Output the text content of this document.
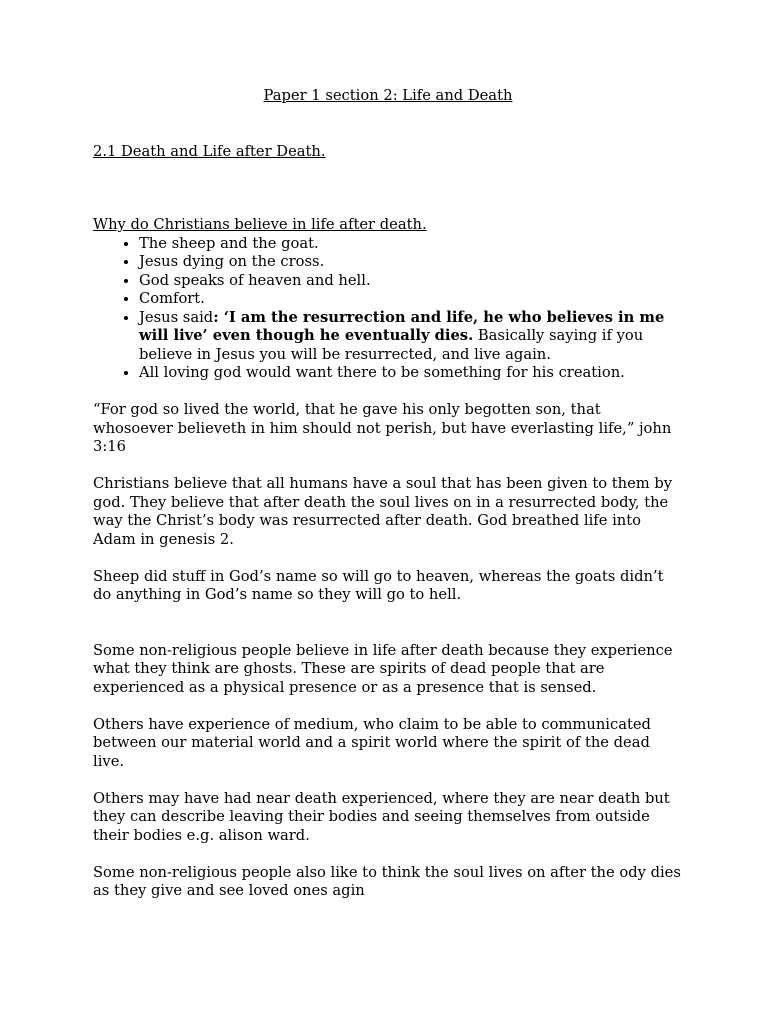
Paper 1 section 2: Life and Death

2.1 Death and Life after Death.

Why do Christians believe in life after death.

• The sheep and the goat.
• Jesus dying on the cross.
• God speaks of heaven and hell.
• Comfort.
• Jesus said: ‘I am the resurrection and life, he who believes in me will live’ even though he eventually dies. Basically saying if you believe in Jesus you will be resurrected, and live again.
• All loving god would want there to be something for his creation.

“For god so lived the world, that he gave his only begotten son, that whosoever believeth in him should not perish, but have everlasting life,” john 3:16

Christians believe that all humans have a soul that has been given to them by god. They believe that after death the soul lives on in a resurrected body, the way the Christ’s body was resurrected after death. God breathed life into Adam in genesis 2.

Sheep did stuff in God’s name so will go to heaven, whereas the goats didn’t do anything in God’s name so they will go to hell.

Some non-religious people believe in life after death because they experience what they think are ghosts. These are spirits of dead people that are experienced as a physical presence or as a presence that is sensed.

Others have experience of medium, who claim to be able to communicated between our material world and a spirit world where the spirit of the dead live.

Others may have had near death experienced, where they are near death but they can describe leaving their bodies and seeing themselves from outside their bodies e.g. alison ward.

Some non-religious people also like to think the soul lives on after the ody dies as they give and see loved ones agin
